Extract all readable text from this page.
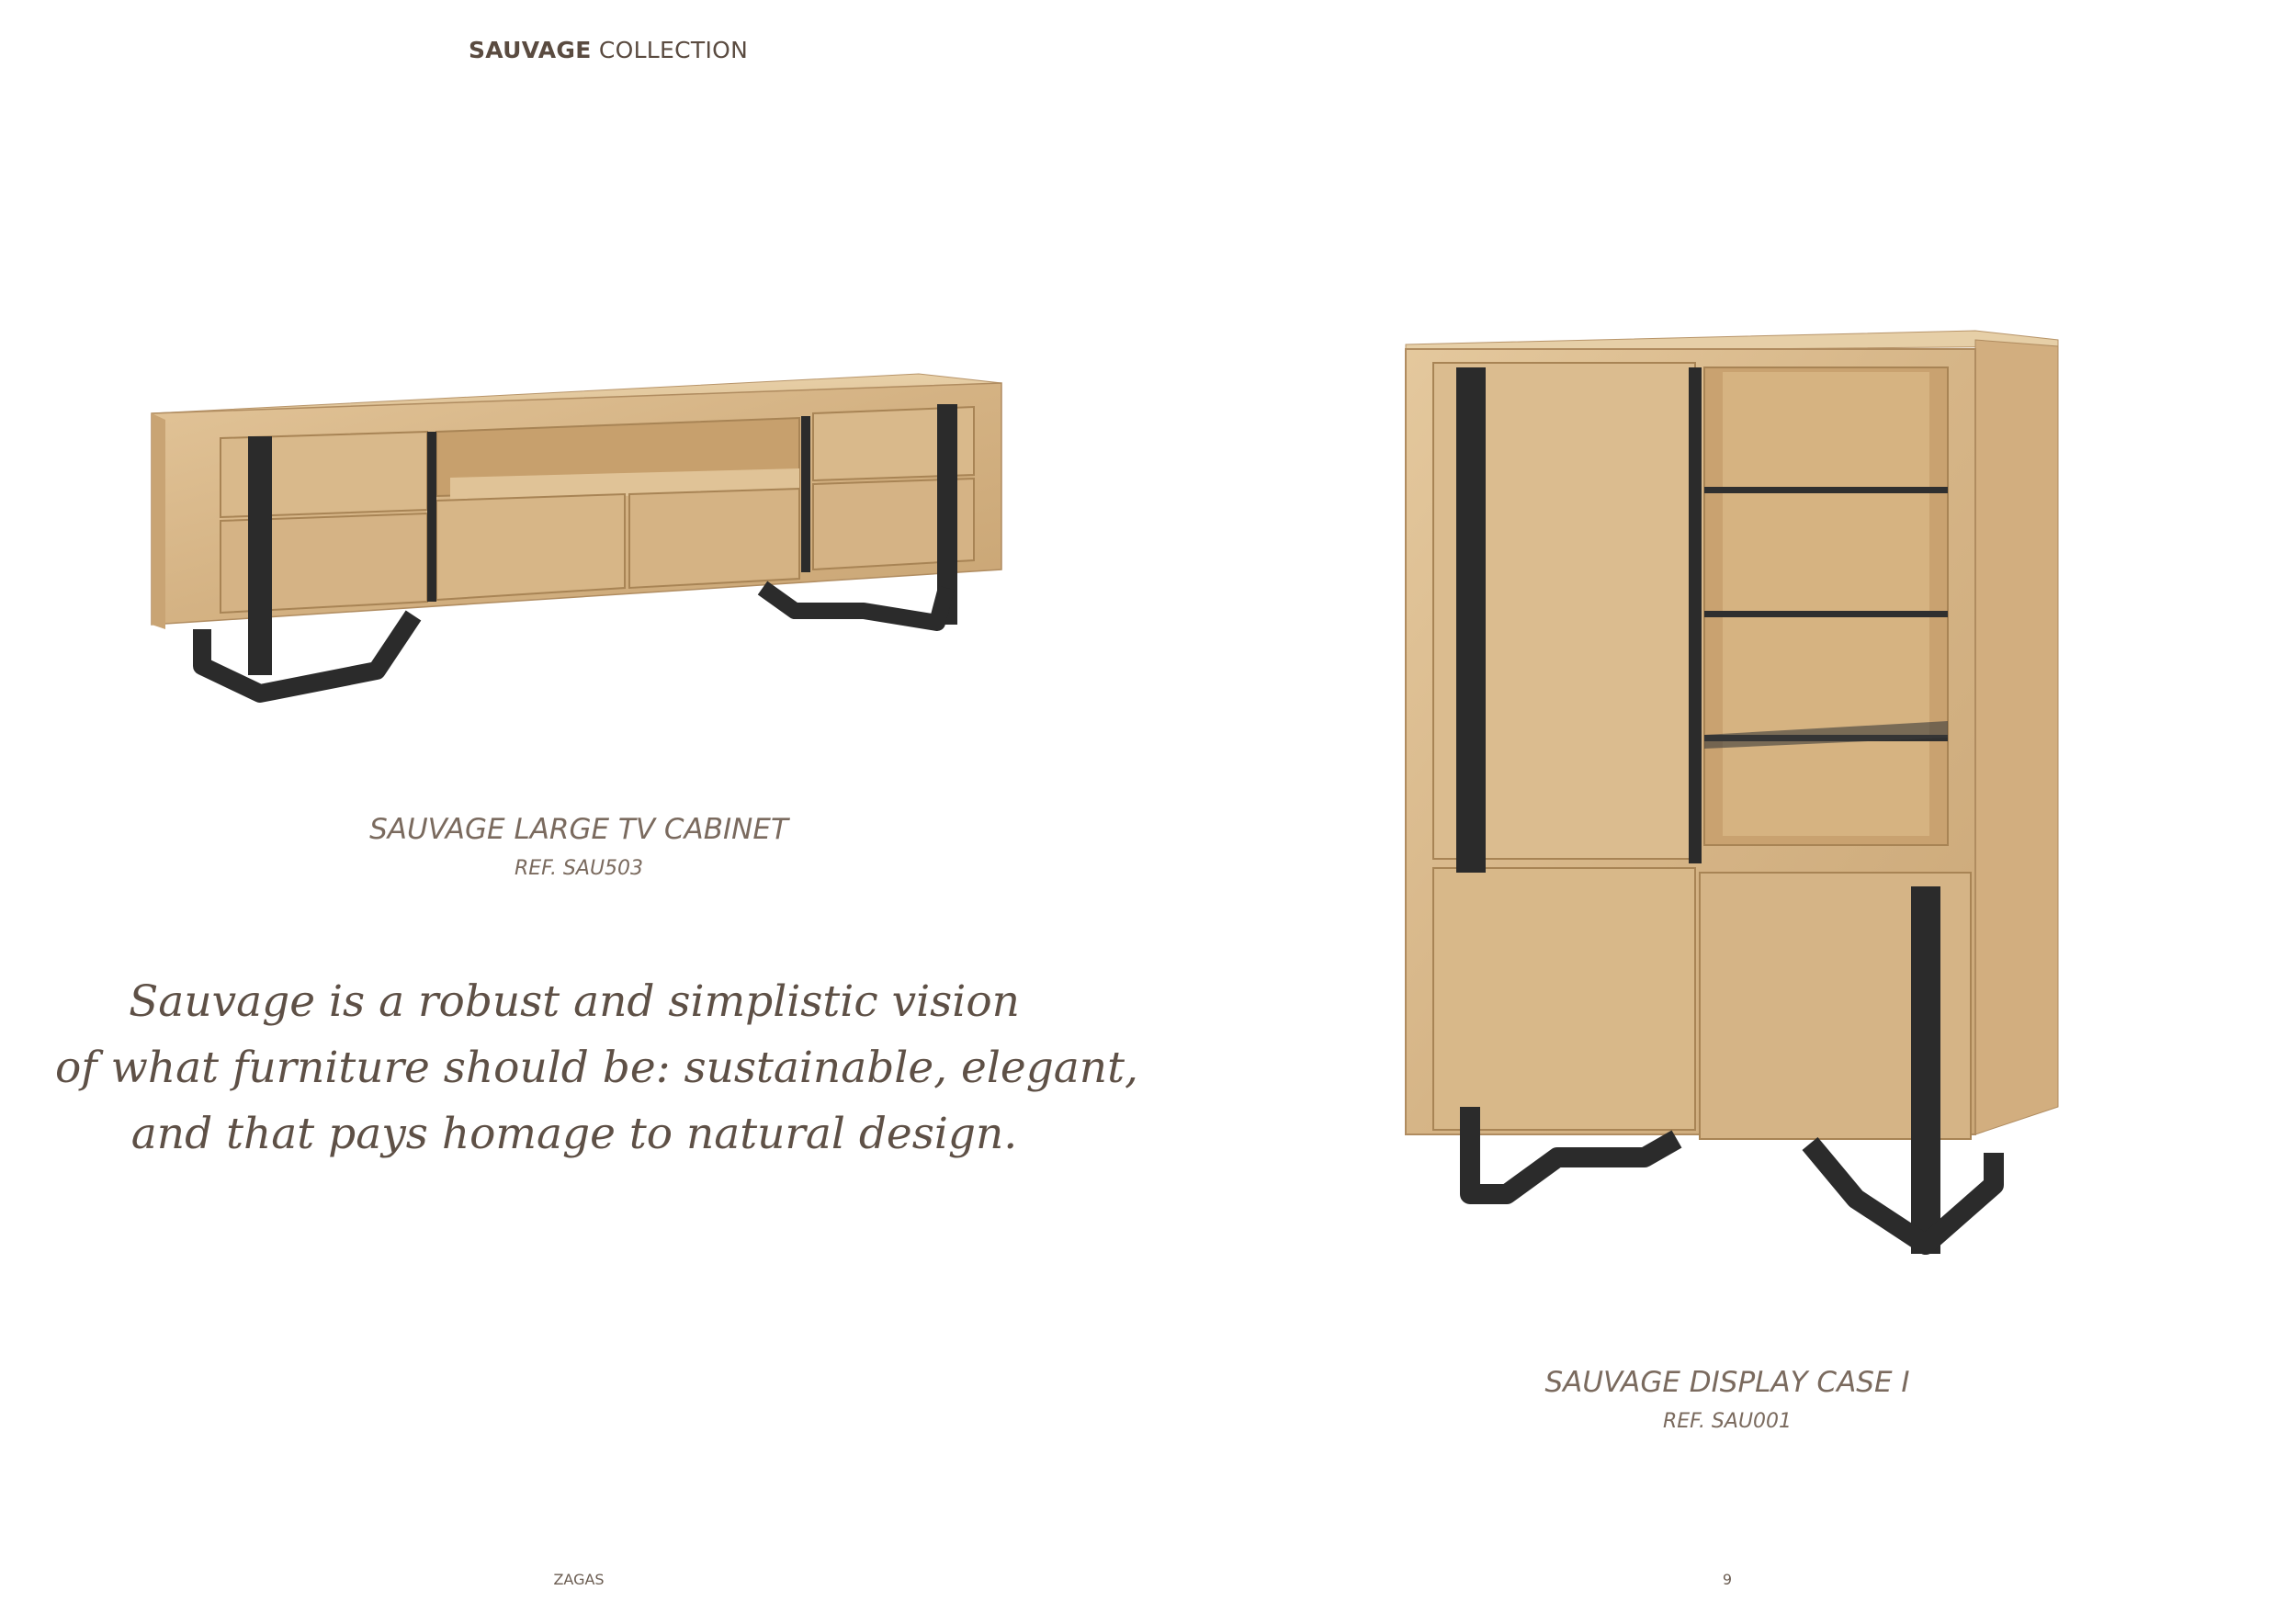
SAUVAGE COLLECTION
SAUVAGE LARGE TV CABINET
REF. SAU503
Sauvage is a robust and simplistic vision
of what furniture should be: sustainable, elegant,
and that pays homage to natural design.
SAUVAGE DISPLAY CASE I
REF. SAU001
ZAGAS	9
